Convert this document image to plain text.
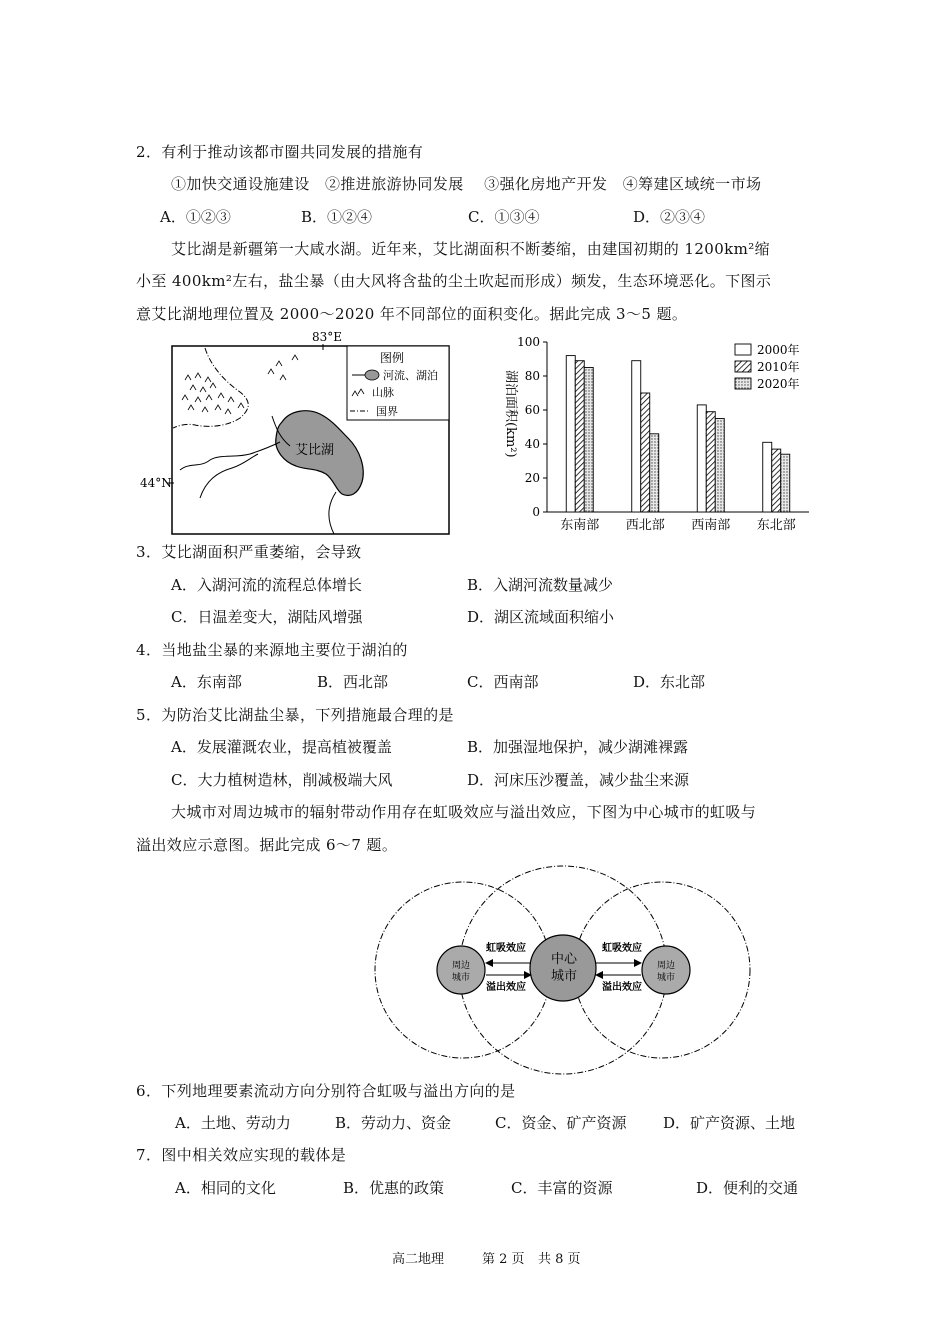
2．有利于推动该都市圈共同发展的措施有
①加快交通设施建设　②推进旅游协同发展　 ③强化房地产开发　④筹建区域统一市场
A．①②③	B．①②④	C．①③④	D．②③④
艾比湖是新疆第一大咸水湖。近年来，艾比湖面积不断萎缩，由建国初期的 1200km²缩
小至 400km²左右，盐尘暴（由大风将含盐的尘土吹起而形成）频发，生态环境恶化。下图示
意艾比湖地理位置及 2000～2020 年不同部位的面积变化。据此完成 3～5 题。
83°E
44°N
艾比湖
图例
河流、湖泊
山脉
国界
0
20
40
60
80
100
东南部 西北部 西南部 东北部
2000年
2010年
2020年
湖泊面积(km²)
3．艾比湖面积严重萎缩，会导致
A．入湖河流的流程总体增长	B．入湖河流数量减少
C．日温差变大，湖陆风增强	D．湖区流域面积缩小
4．当地盐尘暴的来源地主要位于湖泊的
A．东南部	B．西北部	C．西南部	D．东北部
5．为防治艾比湖盐尘暴，下列措施最合理的是
A．发展灌溉农业，提高植被覆盖	B．加强湿地保护，减少湖滩裸露
C．大力植树造林，削减极端大风	D．河床压沙覆盖，减少盐尘来源
大城市对周边城市的辐射带动作用存在虹吸效应与溢出效应，下图为中心城市的虹吸与
溢出效应示意图。据此完成 6～7 题。
周边
城市
周边
城市
中心
城市
虹吸效应
溢出效应
虹吸效应
溢出效应
6．下列地理要素流动方向分别符合虹吸与溢出方向的是
A．土地、劳动力	B．劳动力、资金	C．资金、矿产资源 D．矿产资源、土地
7．图中相关效应实现的载体是
A．相同的文化	B．优惠的政策	C．丰富的资源	D．便利的交通
高二地理	第 2 页 共 8 页
